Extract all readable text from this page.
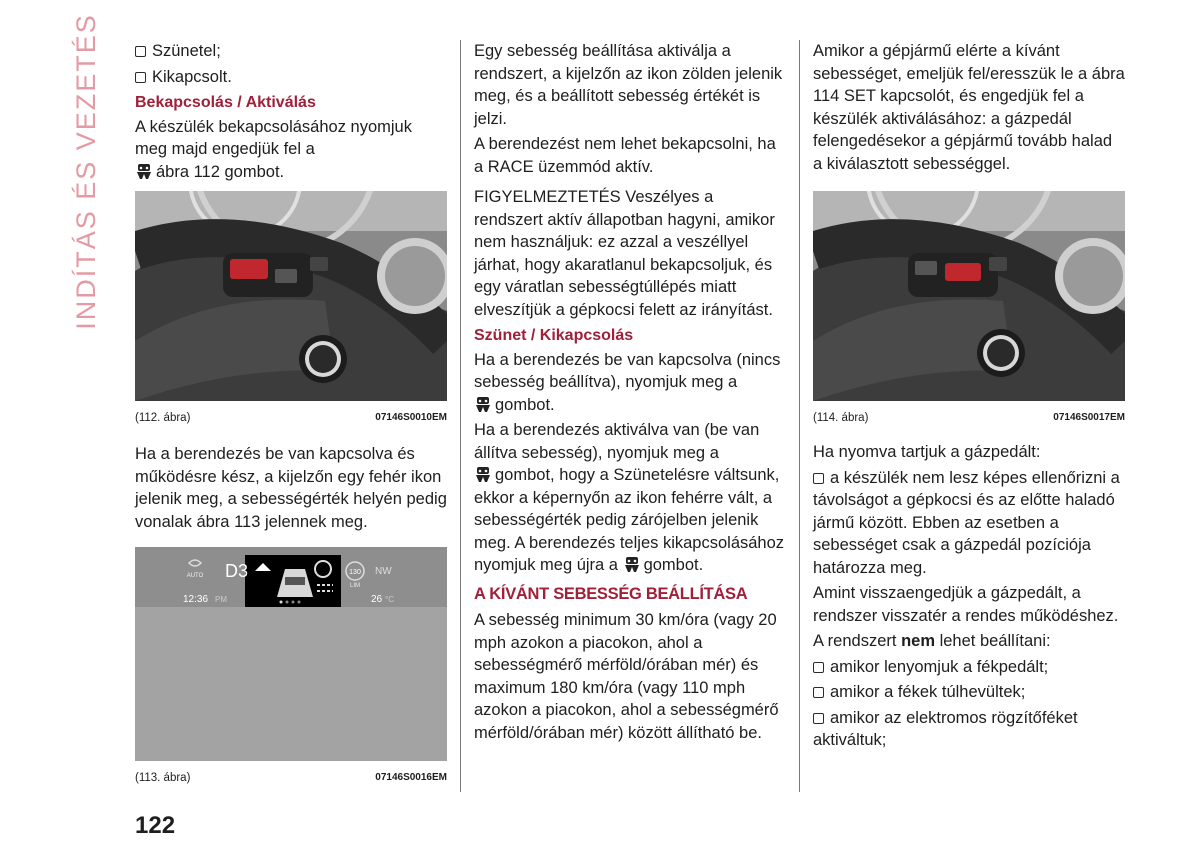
INDÍTÁS ÉS VEZETÉS	Szünetel;

Kikapcsolt.

Bekapcsolás / Aktiválás

A készülék bekapcsolásához nyomjuk meg majd engedjük fel a
ábra 112 gombot.

(112. ábra)	07146S0010EM

Ha a berendezés be van kapcsolva és működésre kész, a kijelzőn egy fehér ikon jelenik meg, a sebességérték helyén pedig vonalak ábra 113 jelennek meg.

AUTO D3	130
LIM
NW
12:36 PM	26 °C
(113. ábra)	07146S0016EM

Egy sebesség beállítása aktiválja a rendszert, a kijelzőn az ikon zölden jelenik meg, és a beállított sebesség értékét is jelzi.

A berendezést nem lehet bekapcsolni, ha a RACE üzemmód aktív.

FIGYELMEZTETÉS Veszélyes a rendszert aktív állapotban hagyni, amikor nem használjuk: ez azzal a veszéllyel járhat, hogy akaratlanul bekapcsoljuk, és egy váratlan sebességtúllépés miatt elveszítjük a gépkocsi felett az irányítást.

Szünet / Kikapcsolás

Ha a berendezés be van kapcsolva (nincs sebesség beállítva), nyomjuk meg a
gombot.

Ha a berendezés aktiválva van (be van állítva sebesség), nyomjuk meg a
gombot, hogy a Szünetelésre váltsunk, ekkor a képernyőn az ikon fehérre vált, a sebességérték pedig zárójelben jelenik meg. A berendezés teljes kikapcsolásához nyomjuk meg újra a gombot.

A KÍVÁNT SEBESSÉG BEÁLLÍTÁSA

A sebesség minimum 30 km/óra (vagy 20 mph azokon a piacokon, ahol a sebességmérő mérföld/órában mér) és maximum 180 km/óra (vagy 110 mph azokon a piacokon, ahol a sebességmérő mérföld/órában mér) között állítható be.

Amikor a gépjármű elérte a kívánt sebességet, emeljük fel/eresszük le a ábra 114 SET kapcsolót, és engedjük fel a készülék aktiválásához: a gázpedál felengedésekor a gépjármű tovább halad a kiválasztott sebességgel.

(114. ábra)	07146S0017EM

Ha nyomva tartjuk a gázpedált:

a készülék nem lesz képes ellenőrizni a távolságot a gépkocsi és az előtte haladó jármű között. Ebben az esetben a sebességet csak a gázpedál pozíciója határozza meg.

Amint visszaengedjük a gázpedált, a rendszer visszatér a rendes működéshez.

A rendszert nem lehet beállítani:

amikor lenyomjuk a fékpedált;

amikor a fékek túlhevültek;

amikor az elektromos rögzítőféket aktiváltuk;

122
